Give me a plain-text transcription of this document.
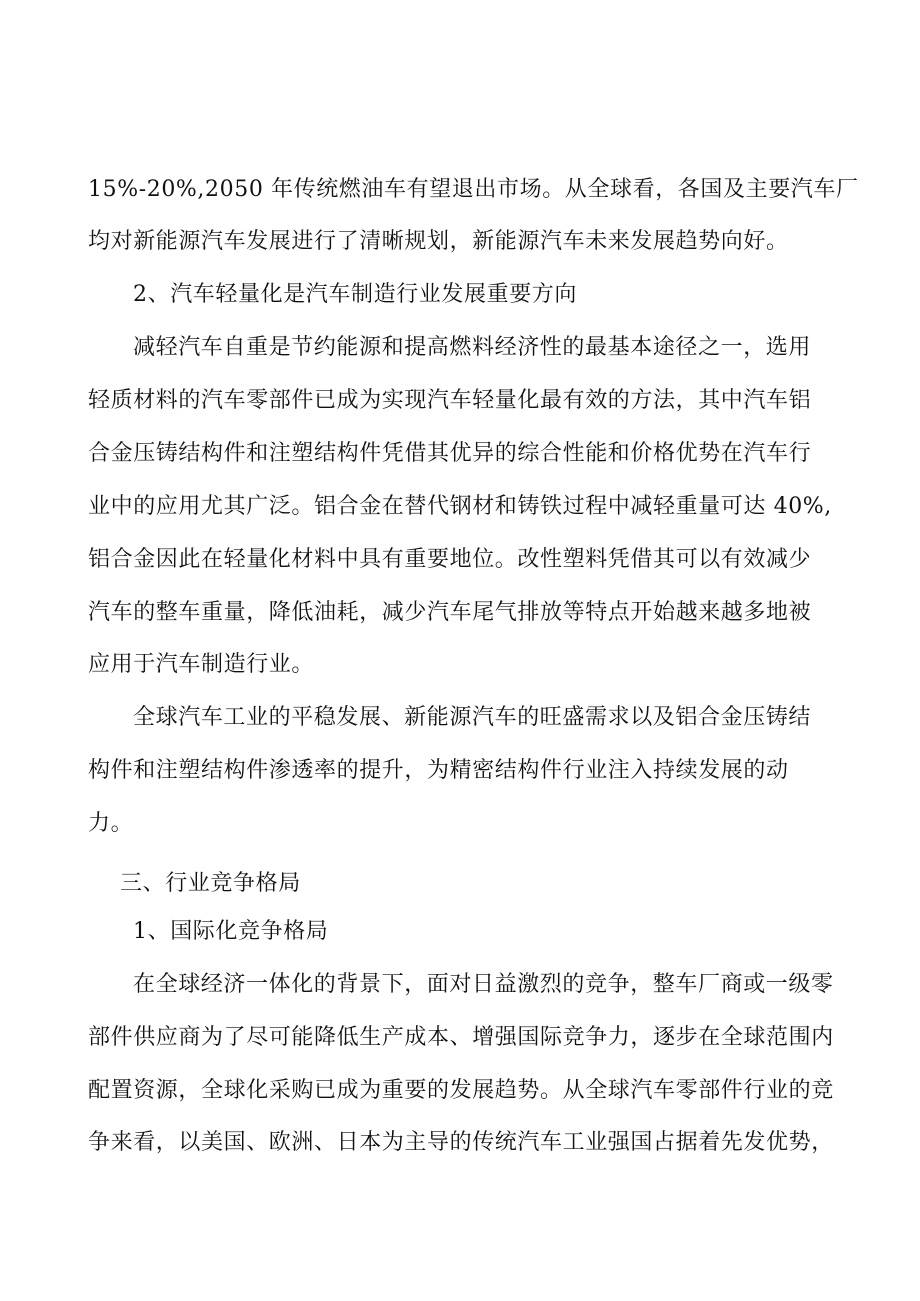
15%-20%,2050 年传统燃油车有望退出市场。从全球看，各国及主要汽车厂
均对新能源汽车发展进行了清晰规划，新能源汽车未来发展趋势向好。
2、汽车轻量化是汽车制造行业发展重要方向
减轻汽车自重是节约能源和提高燃料经济性的最基本途径之一，选用
轻质材料的汽车零部件已成为实现汽车轻量化最有效的方法，其中汽车铝
合金压铸结构件和注塑结构件凭借其优异的综合性能和价格优势在汽车行
业中的应用尤其广泛。铝合金在替代钢材和铸铁过程中减轻重量可达 40%,
铝合金因此在轻量化材料中具有重要地位。改性塑料凭借其可以有效减少
汽车的整车重量，降低油耗，减少汽车尾气排放等特点开始越来越多地被
应用于汽车制造行业。
全球汽车工业的平稳发展、新能源汽车的旺盛需求以及铝合金压铸结
构件和注塑结构件渗透率的提升，为精密结构件行业注入持续发展的动
力。
三、行业竞争格局
1、国际化竞争格局
在全球经济一体化的背景下，面对日益激烈的竞争，整车厂商或一级零
部件供应商为了尽可能降低生产成本、增强国际竞争力，逐步在全球范围内
配置资源，全球化采购已成为重要的发展趋势。从全球汽车零部件行业的竞
争来看，以美国、欧洲、日本为主导的传统汽车工业强国占据着先发优势，
